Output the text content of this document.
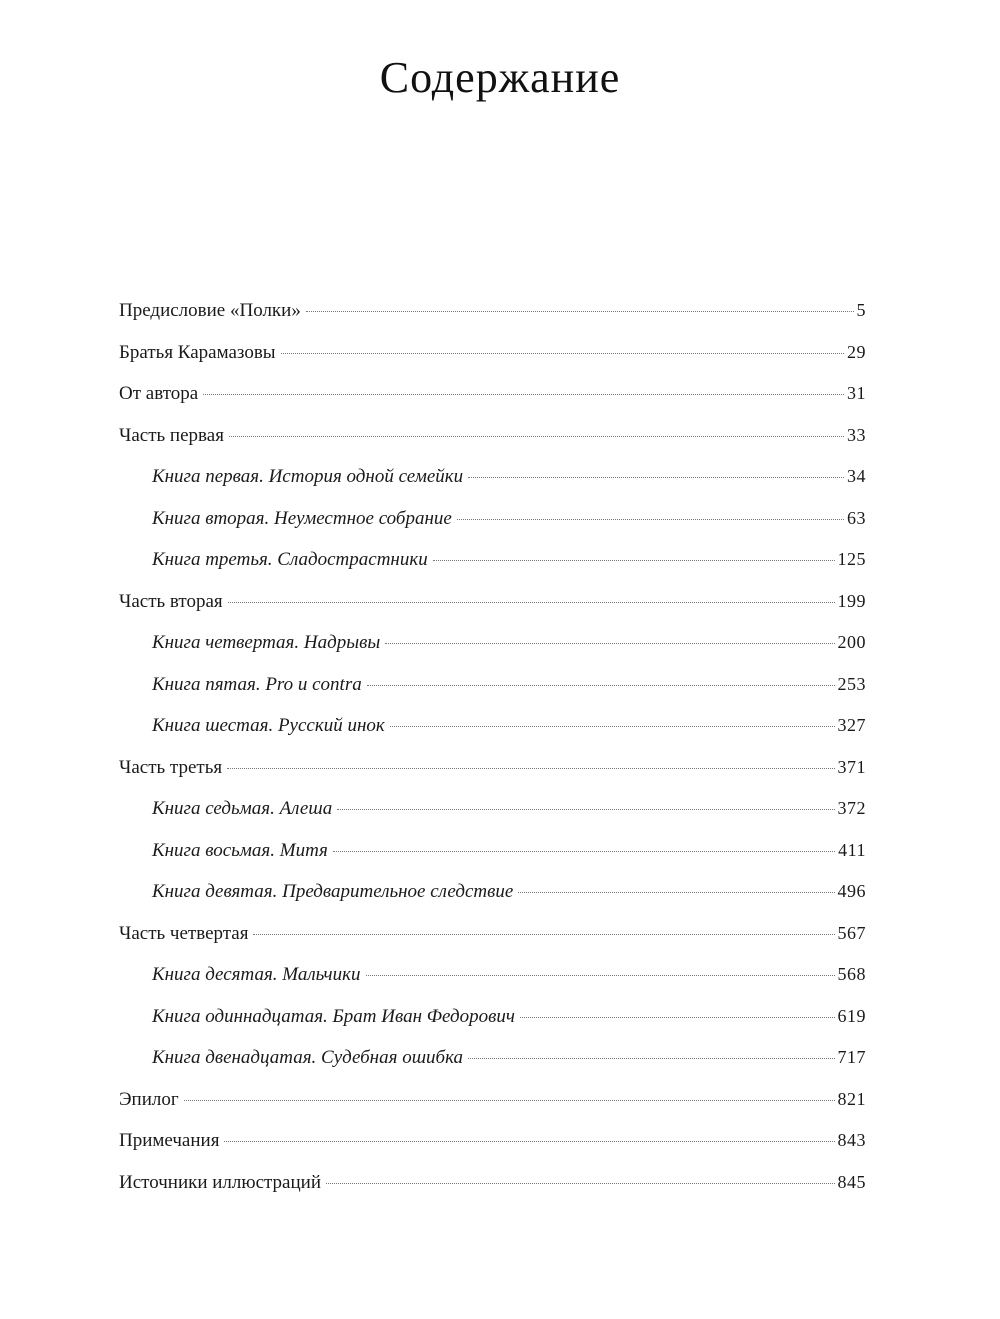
Содержание
Предисловие «Полки»	5
Братья Карамазовы	29
От автора	31
Часть первая	33
Книга первая. История одной семейки	34
Книга вторая. Неуместное собрание	63
Книга третья. Сладострастники	125
Часть вторая	199
Книга четвертая. Надрывы	200
Книга пятая. Pro и contra	253
Книга шестая. Русский инок	327
Часть третья	371
Книга седьмая. Алеша	372
Книга восьмая. Митя	411
Книга девятая. Предварительное следствие	496
Часть четвертая	567
Книга десятая. Мальчики	568
Книга одиннадцатая. Брат Иван Федорович	619
Книга двенадцатая. Судебная ошибка	717
Эпилог	821
Примечания	843
Источники иллюстраций	845
